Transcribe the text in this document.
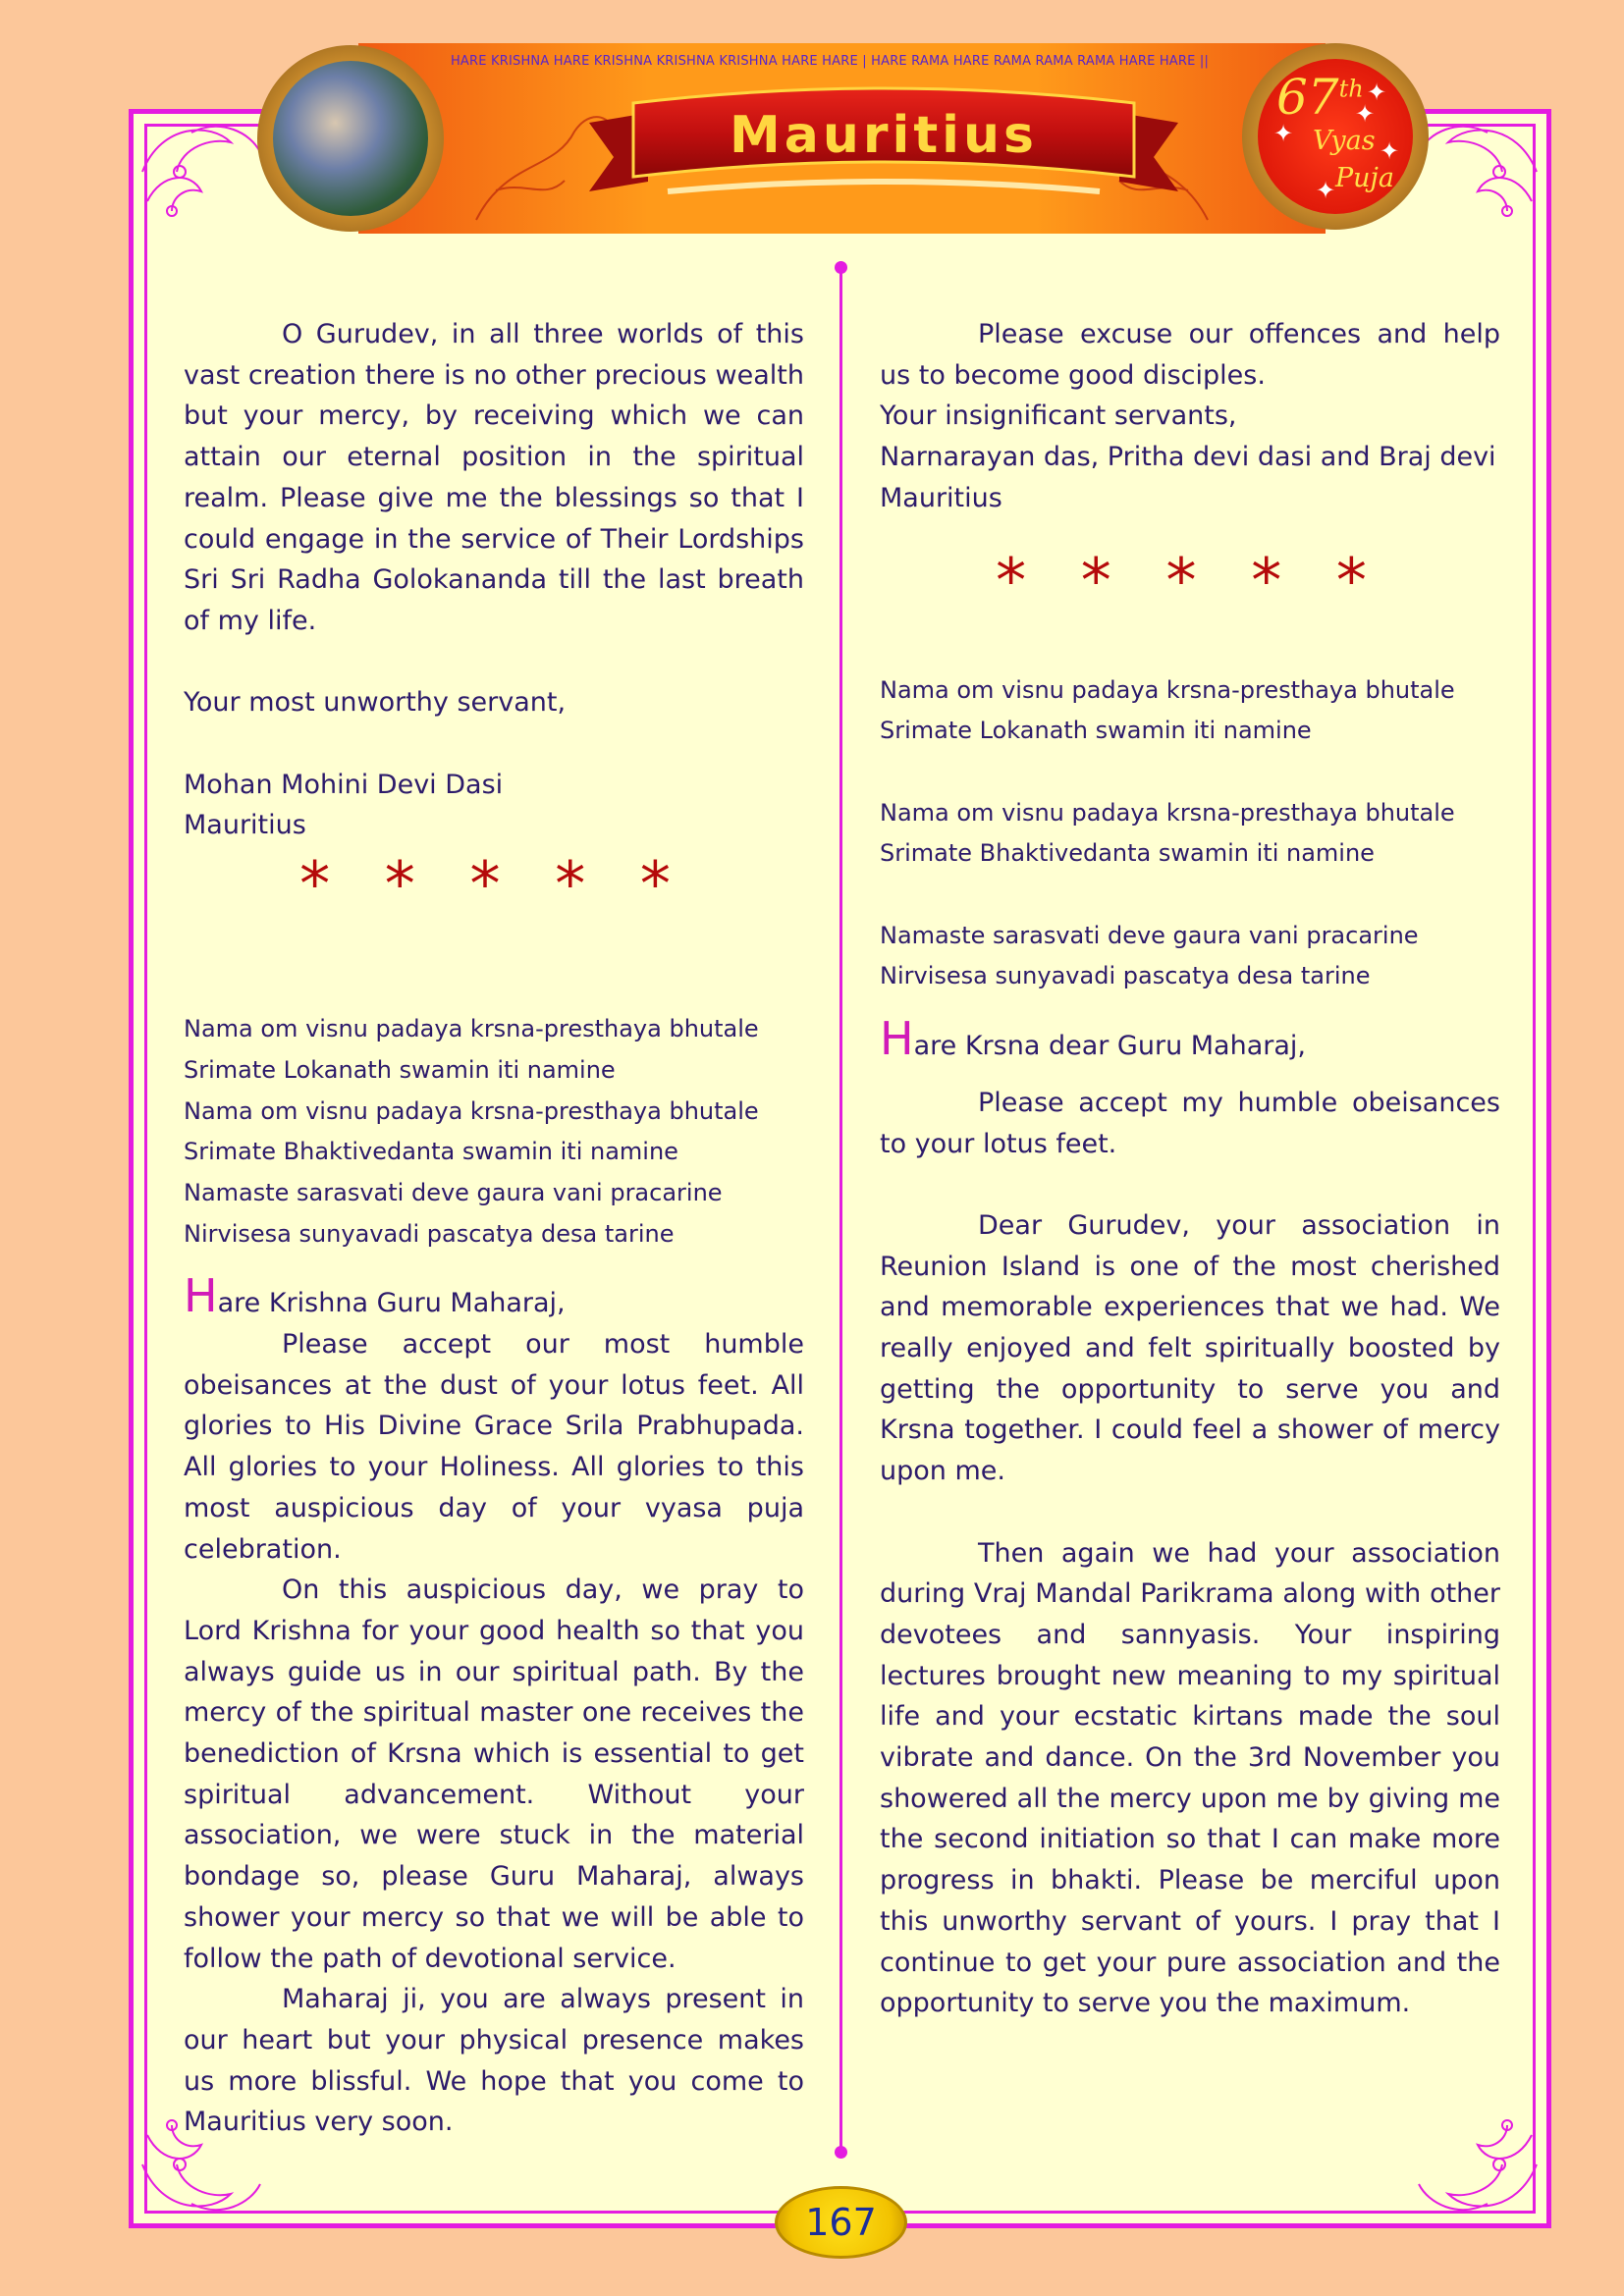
HARE KRISHNA HARE KRISHNA KRISHNA KRISHNA HARE HARE | HARE RAMA HARE RAMA RAMA RAMA HARE HARE ||
Mauritius
67th
Vyas
Puja
✦
✦
✦
✦
✦

O Gurudev, in all three worlds of this vast creation there is no other precious wealth but your mercy, by receiving which we can attain our eternal position in the spiritual realm. Please give me the blessings so that I could engage in the service of Their Lordships Sri Sri Radha Golokananda till the last breath of my life.

Your most unworthy servant,

Mohan Mohini Devi Dasi

Mauritius

* * * * *

Nama om visnu padaya krsna-presthaya bhutale

Srimate Lokanath swamin iti namine

Nama om visnu padaya krsna-presthaya bhutale

Srimate Bhaktivedanta swamin iti namine

Namaste sarasvati deve gaura vani pracarine

Nirvisesa sunyavadi pascatya desa tarine

Hare Krishna Guru Maharaj,

Please accept our most humble obeisances at the dust of your lotus feet. All glories to His Divine Grace Srila Prabhupada. All glories to your Holiness. All glories to this most auspicious day of your vyasa puja celebration.

On this auspicious day, we pray to Lord Krishna for your good health so that you always guide us in our spiritual path. By the mercy of the spiritual master one receives the benediction of Krsna which is essential to get spiritual advancement. Without your association, we were stuck in the material bondage so, please Guru Maharaj, always shower your mercy so that we will be able to follow the path of devotional service.

Maharaj ji, you are always present in our heart but your physical presence makes us more blissful. We hope that you come to Mauritius very soon.

Please excuse our offences and help us to become good disciples.

Your insignificant servants,

Narnarayan das, Pritha devi dasi and Braj devi

Mauritius

* * * * *

Nama om visnu padaya krsna-presthaya bhutale

Srimate Lokanath swamin iti namine

Nama om visnu padaya krsna-presthaya bhutale

Srimate Bhaktivedanta swamin iti namine

Namaste sarasvati deve gaura vani pracarine

Nirvisesa sunyavadi pascatya desa tarine

Hare Krsna dear Guru Maharaj,

Please accept my humble obeisances to your lotus feet.

Dear Gurudev, your association in Reunion Island is one of the most cherished and memorable experiences that we had. We really enjoyed and felt spiritually boosted by getting the opportunity to serve you and Krsna together. I could feel a shower of mercy upon me.

Then again we had your association during Vraj Mandal Parikrama along with other devotees and sannyasis. Your inspiring lectures brought new meaning to my spiritual life and your ecstatic kirtans made the soul vibrate and dance. On the 3rd November you showered all the mercy upon me by giving me the second initiation so that I can make more progress in bhakti. Please be merciful upon this unworthy servant of yours. I pray that I continue to get your pure association and the opportunity to serve you the maximum.

167
